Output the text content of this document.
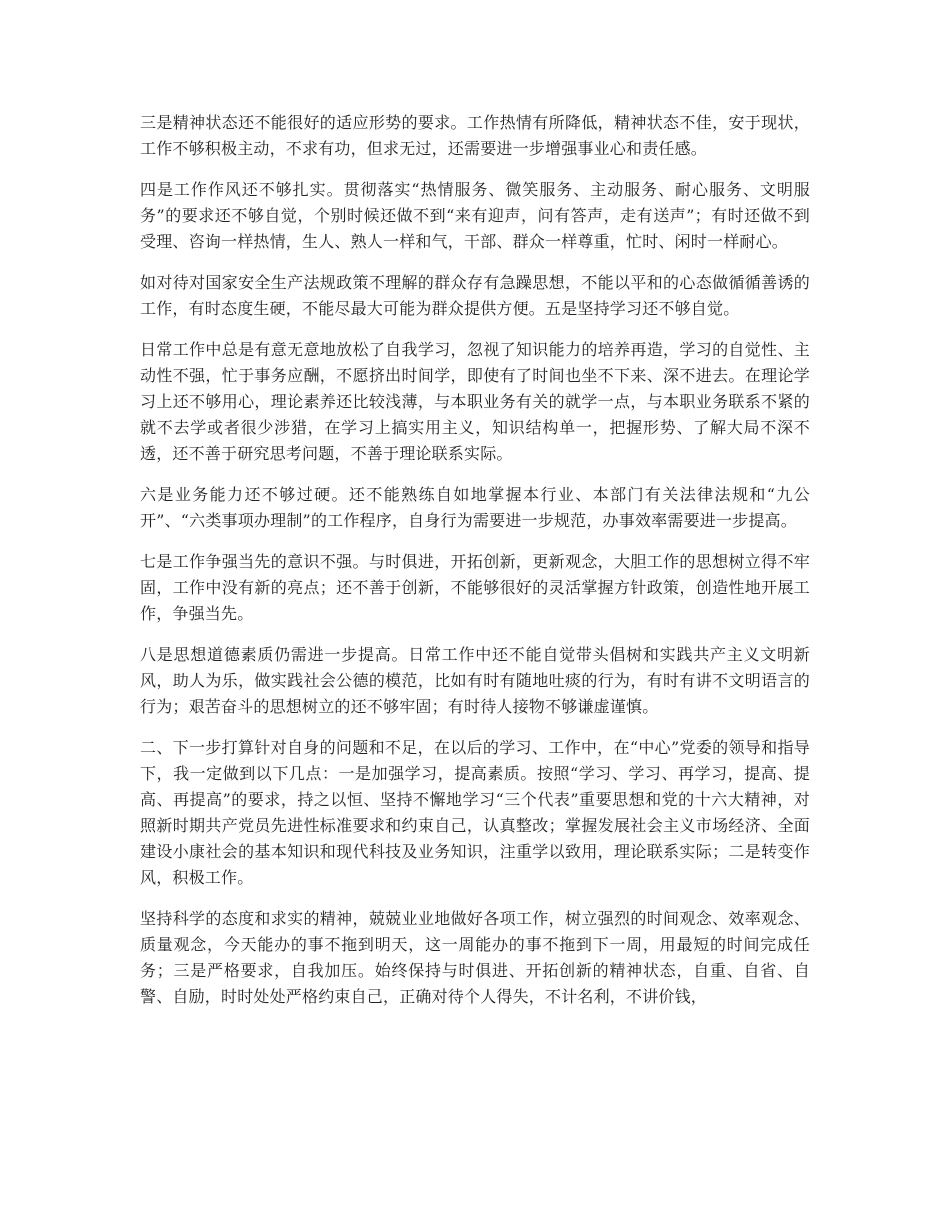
三是精神状态还不能很好的适应形势的要求。工作热情有所降低，精神状态不佳，安于现状，工作不够积极主动，不求有功，但求无过，还需要进一步增强事业心和责任感。

四是工作作风还不够扎实。贯彻落实“热情服务、微笑服务、主动服务、耐心服务、文明服务”的要求还不够自觉，个别时候还做不到“来有迎声，问有答声，走有送声”；有时还做不到受理、咨询一样热情，生人、熟人一样和气，干部、群众一样尊重，忙时、闲时一样耐心。

如对待对国家安全生产法规政策不理解的群众存有急躁思想，不能以平和的心态做循循善诱的工作，有时态度生硬，不能尽最大可能为群众提供方便。五是坚持学习还不够自觉。

日常工作中总是有意无意地放松了自我学习，忽视了知识能力的培养再造，学习的自觉性、主动性不强，忙于事务应酬，不愿挤出时间学，即使有了时间也坐不下来、深不进去。在理论学习上还不够用心，理论素养还比较浅薄，与本职业务有关的就学一点，与本职业务联系不紧的就不去学或者很少涉猎，在学习上搞实用主义，知识结构单一，把握形势、了解大局不深不透，还不善于研究思考问题，不善于理论联系实际。

六是业务能力还不够过硬。还不能熟练自如地掌握本行业、本部门有关法律法规和“九公开”、“六类事项办理制”的工作程序，自身行为需要进一步规范，办事效率需要进一步提高。

七是工作争强当先的意识不强。与时俱进，开拓创新，更新观念，大胆工作的思想树立得不牢固，工作中没有新的亮点；还不善于创新，不能够很好的灵活掌握方针政策，创造性地开展工作，争强当先。

八是思想道德素质仍需进一步提高。日常工作中还不能自觉带头倡树和实践共产主义文明新风，助人为乐，做实践社会公德的模范，比如有时有随地吐痰的行为，有时有讲不文明语言的行为；艰苦奋斗的思想树立的还不够牢固；有时待人接物不够谦虚谨慎。

二、下一步打算针对自身的问题和不足，在以后的学习、工作中，在“中心”党委的领导和指导下，我一定做到以下几点：一是加强学习，提高素质。按照“学习、学习、再学习，提高、提高、再提高”的要求，持之以恒、坚持不懈地学习“三个代表”重要思想和党的十六大精神，对照新时期共产党员先进性标准要求和约束自己，认真整改；掌握发展社会主义市场经济、全面建设小康社会的基本知识和现代科技及业务知识，注重学以致用，理论联系实际；二是转变作风，积极工作。

坚持科学的态度和求实的精神，兢兢业业地做好各项工作，树立强烈的时间观念、效率观念、质量观念，今天能办的事不拖到明天，这一周能办的事不拖到下一周，用最短的时间完成任务；三是严格要求，自我加压。始终保持与时俱进、开拓创新的精神状态，自重、自省、自警、自励，时时处处严格约束自己，正确对待个人得失，不计名利，不讲价钱，
